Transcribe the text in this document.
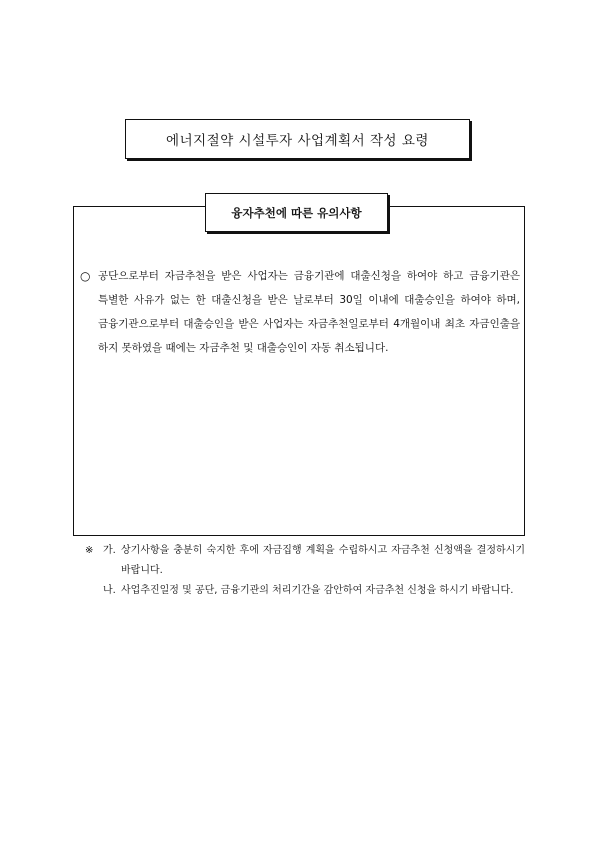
에너지절약 시설투자 사업계획서 작성 요령
융자추천에 따른 유의사항
○ 공단으로부터 자금추천을 받은 사업자는 금융기관에 대출신청을 하여야 하고 금융기관은 특별한 사유가 없는 한 대출신청을 받은 날로부터 30일 이내에 대출승인을 하여야 하며, 금융기관으로부터 대출승인을 받은 사업자는 자금추천일로부터 4개월이내 최초 자금인출을 하지 못하였을 때에는 자금추천 및 대출승인이 자동 취소됩니다.
※ 가. 상기사항을 충분히 숙지한 후에 자금집행 계획을 수립하시고 자금추천 신청액을 결정하시기 바랍니다.
나. 사업추진일정 및 공단, 금융기관의 처리기간을 감안하여 자금추천 신청을 하시기 바랍니다.
